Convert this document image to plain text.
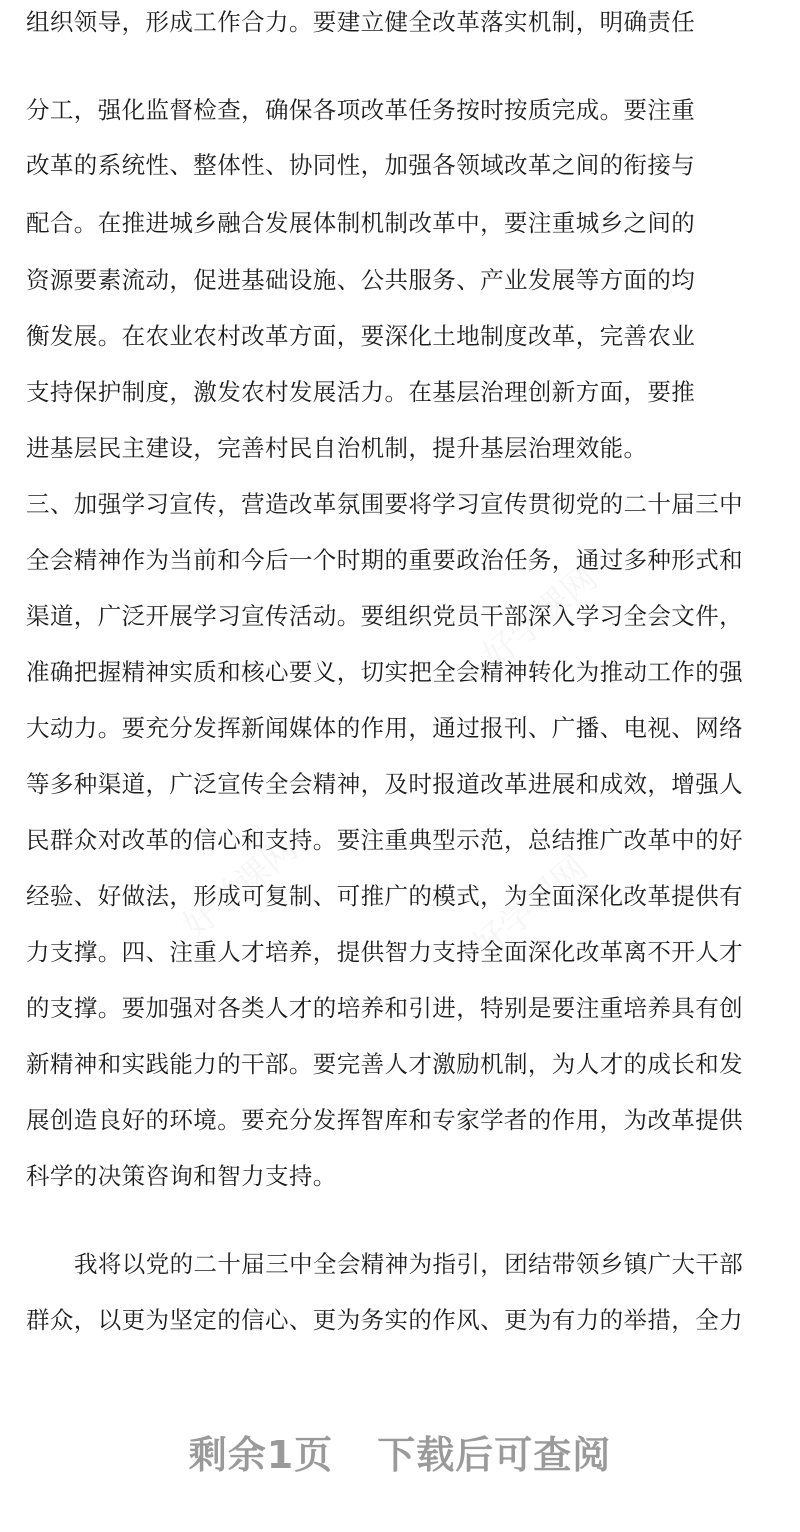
组织领导，形成工作合力。要建立健全改革落实机制，明确责任
分工，强化监督检查，确保各项改革任务按时按质完成。要注重
改革的系统性、整体性、协同性，加强各领域改革之间的衔接与
配合。在推进城乡融合发展体制机制改革中，要注重城乡之间的
资源要素流动，促进基础设施、公共服务、产业发展等方面的均
衡发展。在农业农村改革方面，要深化土地制度改革，完善农业
支持保护制度，激发农村发展活力。在基层治理创新方面，要推
进基层民主建设，完善村民自治机制，提升基层治理效能。
三、加强学习宣传，营造改革氛围要将学习宣传贯彻党的二十届三中
全会精神作为当前和今后一个时期的重要政治任务，通过多种形式和
渠道，广泛开展学习宣传活动。要组织党员干部深入学习全会文件，
准确把握精神实质和核心要义，切实把全会精神转化为推动工作的强
大动力。要充分发挥新闻媒体的作用，通过报刊、广播、电视、网络
等多种渠道，广泛宣传全会精神，及时报道改革进展和成效，增强人
民群众对改革的信心和支持。要注重典型示范，总结推广改革中的好
经验、好做法，形成可复制、可推广的模式，为全面深化改革提供有
力支撑。四、注重人才培养，提供智力支持全面深化改革离不开人才
的支撑。要加强对各类人才的培养和引进，特别是要注重培养具有创
新精神和实践能力的干部。要完善人才激励机制，为人才的成长和发
展创造良好的环境。要充分发挥智库和专家学者的作用，为改革提供
科学的决策咨询和智力支持。
我将以党的二十届三中全会精神为指引，团结带领乡镇广大干部
群众，以更为坚定的信心、更为务实的作风、更为有力的举措，全力
好学课网
好学课网	好学课网
剩余1页 下载后可查阅
